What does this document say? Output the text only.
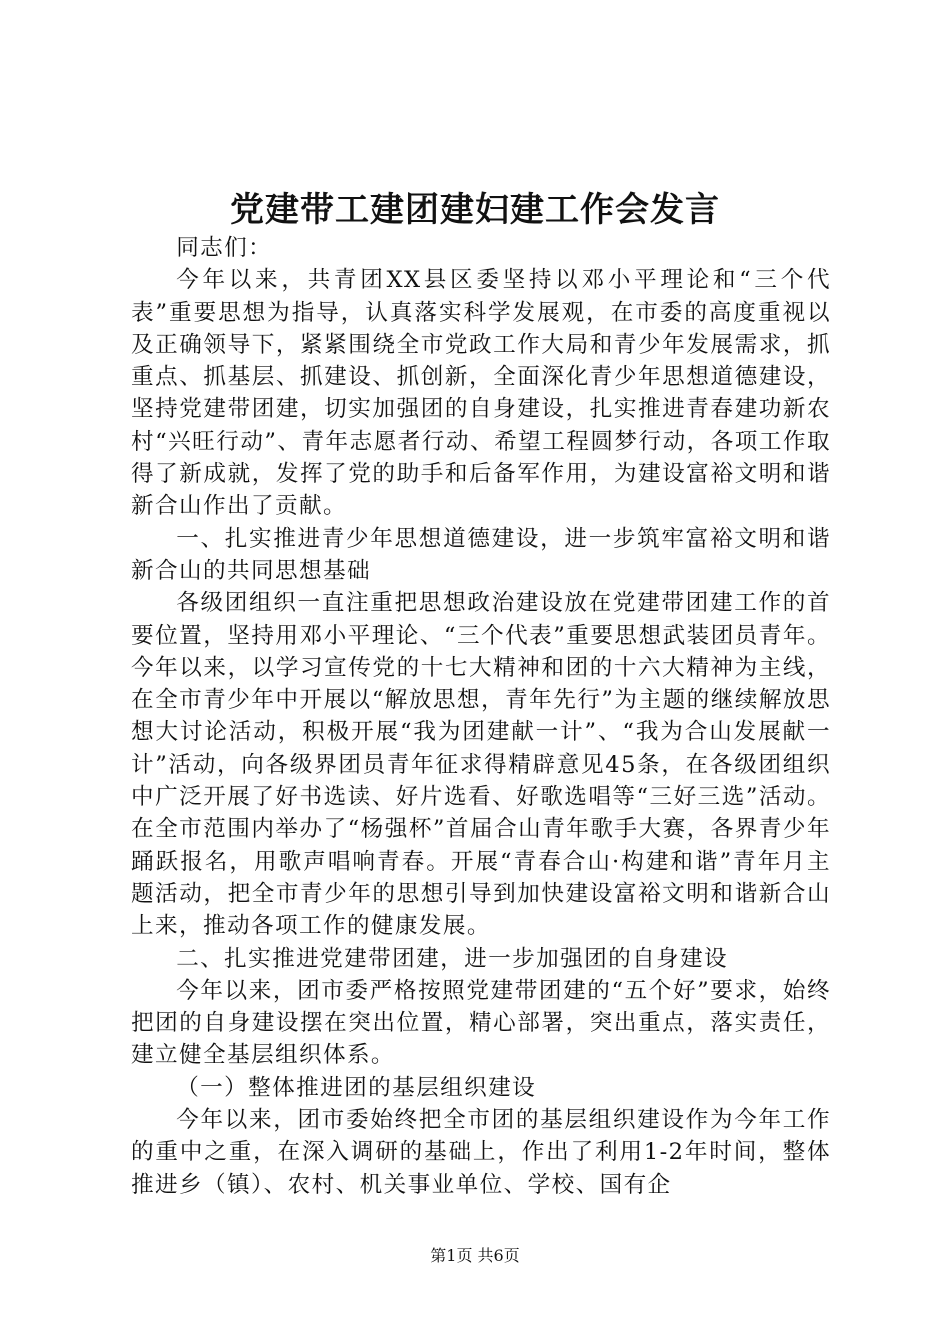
党建带工建团建妇建工作会发言

同志们：

今年以来，共青团XX县区委坚持以邓小平理论和“三个代表”重要思想为指导，认真落实科学发展观，在市委的高度重视以及正确领导下，紧紧围绕全市党政工作大局和青少年发展需求，抓重点、抓基层、抓建设、抓创新，全面深化青少年思想道德建设，坚持党建带团建，切实加强团的自身建设，扎实推进青春建功新农村“兴旺行动”、青年志愿者行动、希望工程圆梦行动，各项工作取得了新成就，发挥了党的助手和后备军作用，为建设富裕文明和谐新合山作出了贡献。

一、扎实推进青少年思想道德建设，进一步筑牢富裕文明和谐新合山的共同思想基础

各级团组织一直注重把思想政治建设放在党建带团建工作的首要位置，坚持用邓小平理论、“三个代表”重要思想武装团员青年。今年以来，以学习宣传党的十七大精神和团的十六大精神为主线，在全市青少年中开展以“解放思想，青年先行”为主题的继续解放思想大讨论活动，积极开展“我为团建献一计”、“我为合山发展献一计”活动，向各级界团员青年征求得精辟意见45条，在各级团组织中广泛开展了好书选读、好片选看、好歌选唱等“三好三选”活动。在全市范围内举办了“杨强杯”首届合山青年歌手大赛，各界青少年踊跃报名，用歌声唱响青春。开展“青春合山·构建和谐”青年月主题活动，把全市青少年的思想引导到加快建设富裕文明和谐新合山上来，推动各项工作的健康发展。

二、扎实推进党建带团建，进一步加强团的自身建设

今年以来，团市委严格按照党建带团建的“五个好”要求，始终把团的自身建设摆在突出位置，精心部署，突出重点，落实责任，建立健全基层组织体系。

（一）整体推进团的基层组织建设

今年以来，团市委始终把全市团的基层组织建设作为今年工作的重中之重，在深入调研的基础上，作出了利用1-2年时间，整体推进乡（镇）、农村、机关事业单位、学校、国有企

第1页 共6页
